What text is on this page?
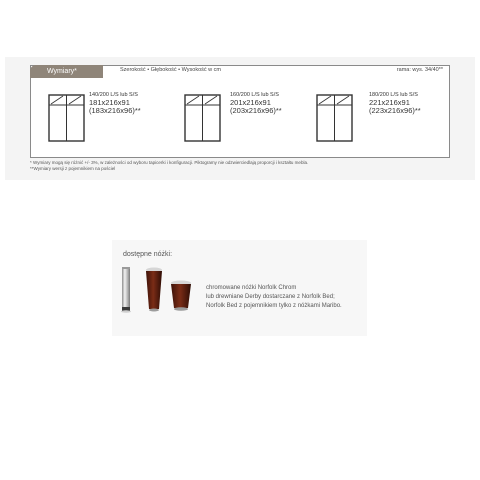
Wymiary*	Szerokość • Głębokość • Wysokość w cm	rama: wys. 34/40**
140/200 L/S lub S/S
181x216x91
(183x216x96)**
160/200 L/S lub S/S
201x216x91
(203x216x96)**
180/200 L/S lub S/S
221x216x91
(223x216x96)**
* Wymiary mogą się różnić +/- 3%, w zależności od wyboru tapicerki i konfiguracji. Piktogramy nie odzwierciedlają proporcji i kształtu mebla.
**Wymiary wersji z pojemnikiem na pościel
dostępne nóżki:
chromowane nóżki Norfolk Chrom
lub drewniane Derby dostarczane z Norfolk Bed;
Norfolk Bed z pojemnikiem tylko z nóżkami Maribo.
